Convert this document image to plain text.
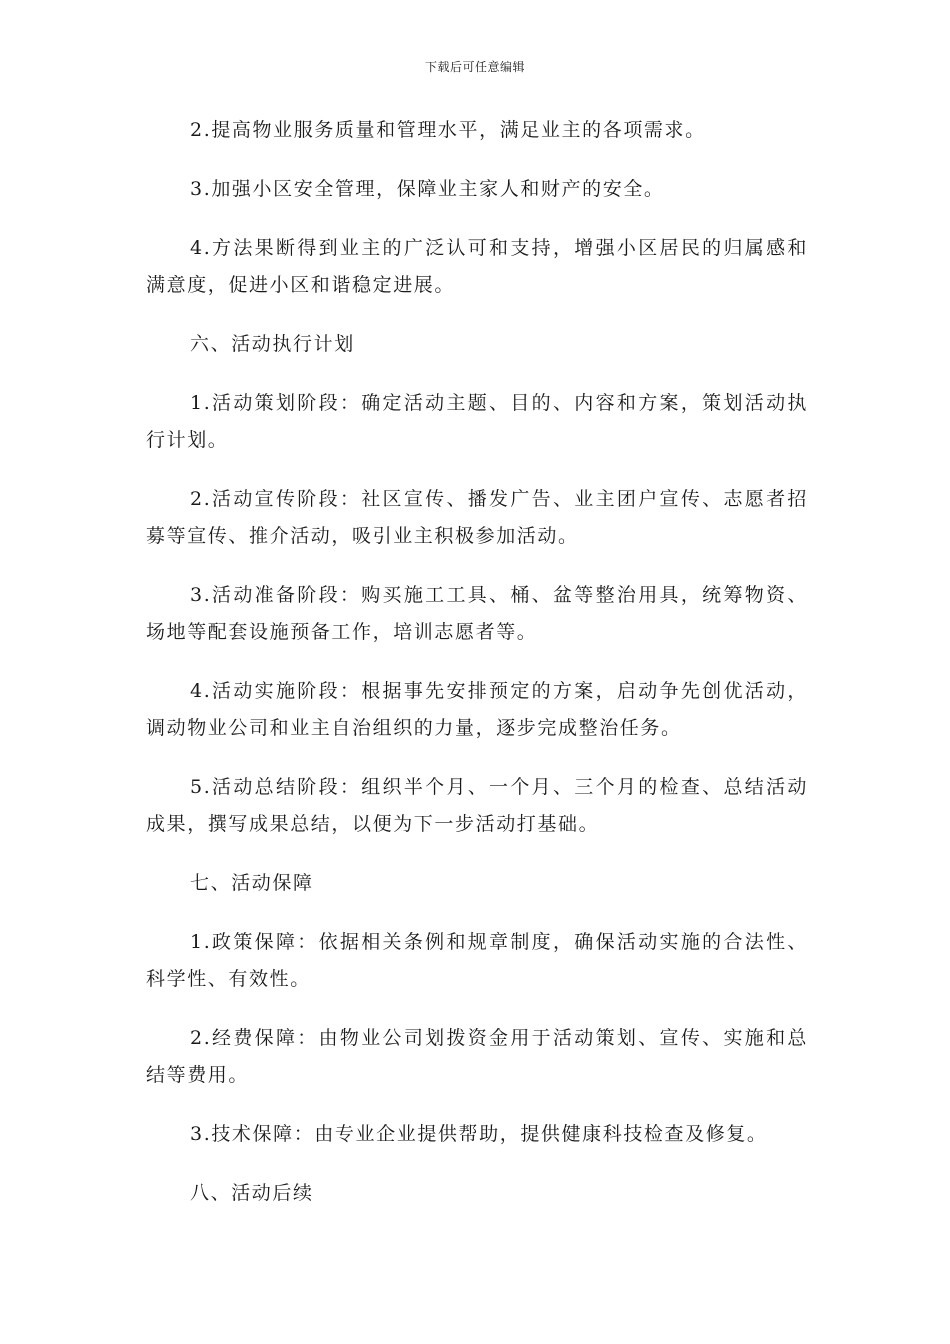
下载后可任意编辑

2.提高物业服务质量和管理水平，满足业主的各项需求。

3.加强小区安全管理，保障业主家人和财产的安全。

4.方法果断得到业主的广泛认可和支持，增强小区居民的归属感和满意度，促进小区和谐稳定进展。

六、活动执行计划

1.活动策划阶段：确定活动主题、目的、内容和方案，策划活动执行计划。

2.活动宣传阶段：社区宣传、播发广告、业主团户宣传、志愿者招募等宣传、推介活动，吸引业主积极参加活动。

3.活动准备阶段：购买施工工具、桶、盆等整治用具，统筹物资、场地等配套设施预备工作，培训志愿者等。

4.活动实施阶段：根据事先安排预定的方案，启动争先创优活动，调动物业公司和业主自治组织的力量，逐步完成整治任务。

5.活动总结阶段：组织半个月、一个月、三个月的检查、总结活动成果，撰写成果总结，以便为下一步活动打基础。

七、活动保障

1.政策保障：依据相关条例和规章制度，确保活动实施的合法性、科学性、有效性。

2.经费保障：由物业公司划拨资金用于活动策划、宣传、实施和总结等费用。

3.技术保障：由专业企业提供帮助，提供健康科技检查及修复。

八、活动后续
